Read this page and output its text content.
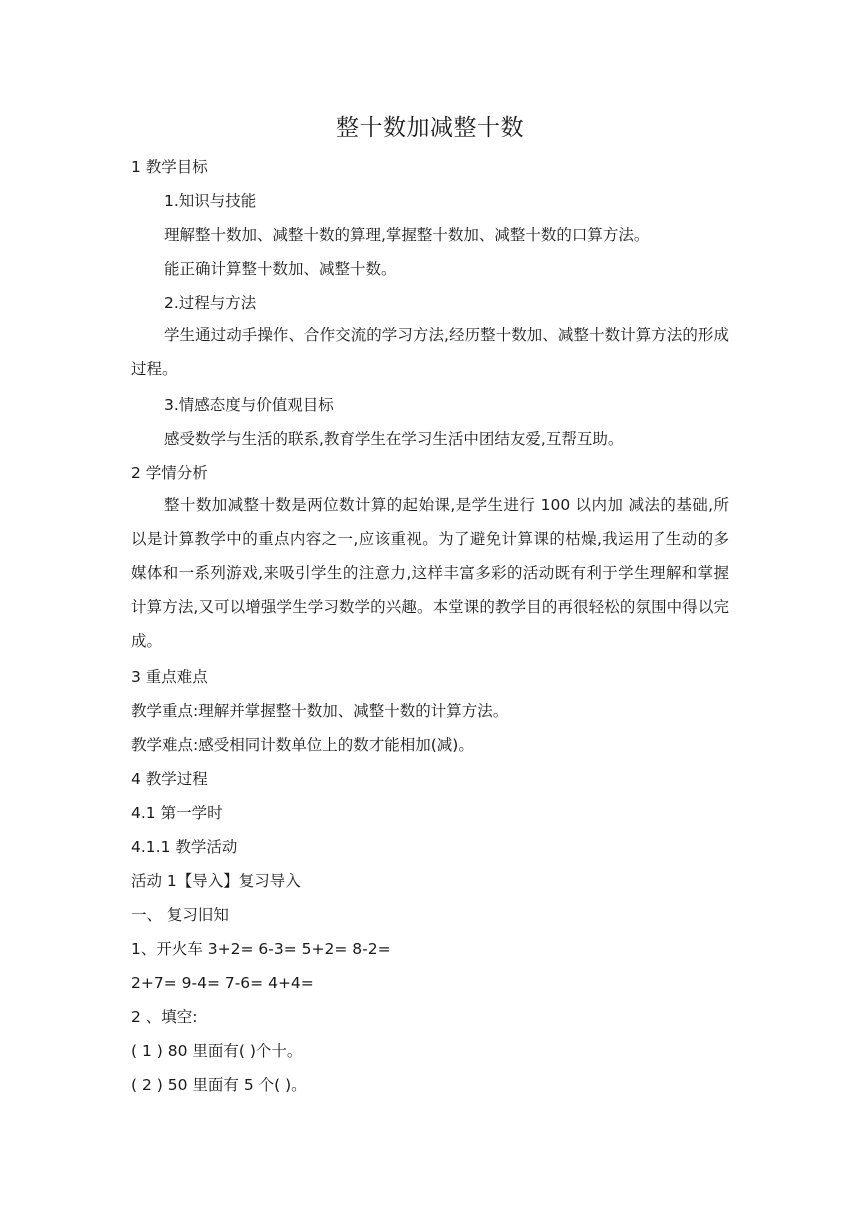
整十数加减整十数
1 教学目标
1.知识与技能
理解整十数加、减整十数的算理,掌握整十数加、减整十数的口算方法。
能正确计算整十数加、减整十数。
2.过程与方法
学生通过动手操作、合作交流的学习方法,经历整十数加、减整十数计算方法的形成过程。
3.情感态度与价值观目标
感受数学与生活的联系,教育学生在学习生活中团结友爱,互帮互助。
2 学情分析
整十数加减整十数是两位数计算的起始课,是学生进行 100 以内加 减法的基础,所以是计算教学中的重点内容之一,应该重视。为了避免计算课的枯燥,我运用了生动的多媒体和一系列游戏,来吸引学生的注意力,这样丰富多彩的活动既有利于学生理解和掌握计算方法,又可以增强学生学习数学的兴趣。本堂课的教学目的再很轻松的氛围中得以完成。
3 重点难点
教学重点:理解并掌握整十数加、减整十数的计算方法。
教学难点:感受相同计数单位上的数才能相加(减)。
4 教学过程
4.1 第一学时
4.1.1 教学活动
活动 1【导入】复习导入
一、 复习旧知
1、开火车 3+2= 6-3= 5+2= 8-2=
2+7= 9-4= 7-6= 4+4=
2 、填空:
( 1 ) 80 里面有( )个十。
( 2 ) 50 里面有 5 个( )。
